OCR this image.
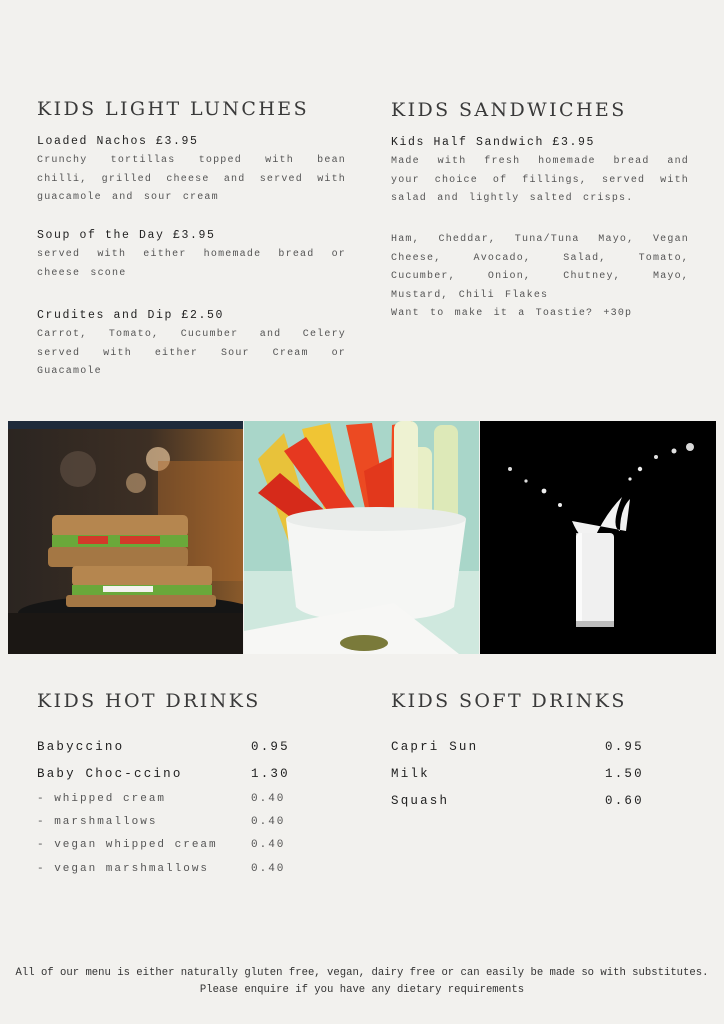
KIDS LIGHT LUNCHES
Loaded Nachos £3.95
Crunchy tortillas topped with bean chilli, grilled cheese and served with guacamole and sour cream
Soup of the Day £3.95
served with either homemade bread or cheese scone
Crudites and Dip £2.50
Carrot, Tomato, Cucumber and Celery served with either Sour Cream or Guacamole
KIDS SANDWICHES
Kids Half Sandwich £3.95
Made with fresh homemade bread and your choice of fillings, served with salad and lightly salted crisps.
Ham, Cheddar, Tuna/Tuna Mayo, Vegan Cheese, Avocado, Salad, Tomato, Cucumber, Onion, Chutney, Mayo, Mustard, Chili Flakes
Want to make it a Toastie? +30p
KIDS HOT DRINKS
Babyccino	0.95
Baby Choc-ccino	1.30
- whipped cream	0.40
- marshmallows	0.40
- vegan whipped cream	0.40
- vegan marshmallows	0.40
KIDS SOFT DRINKS
Capri Sun	0.95
Milk	1.50
Squash	0.60
All of our menu is either naturally gluten free, vegan, dairy free or can easily be made so with substitutes.
Please enquire if you have any dietary requirements
